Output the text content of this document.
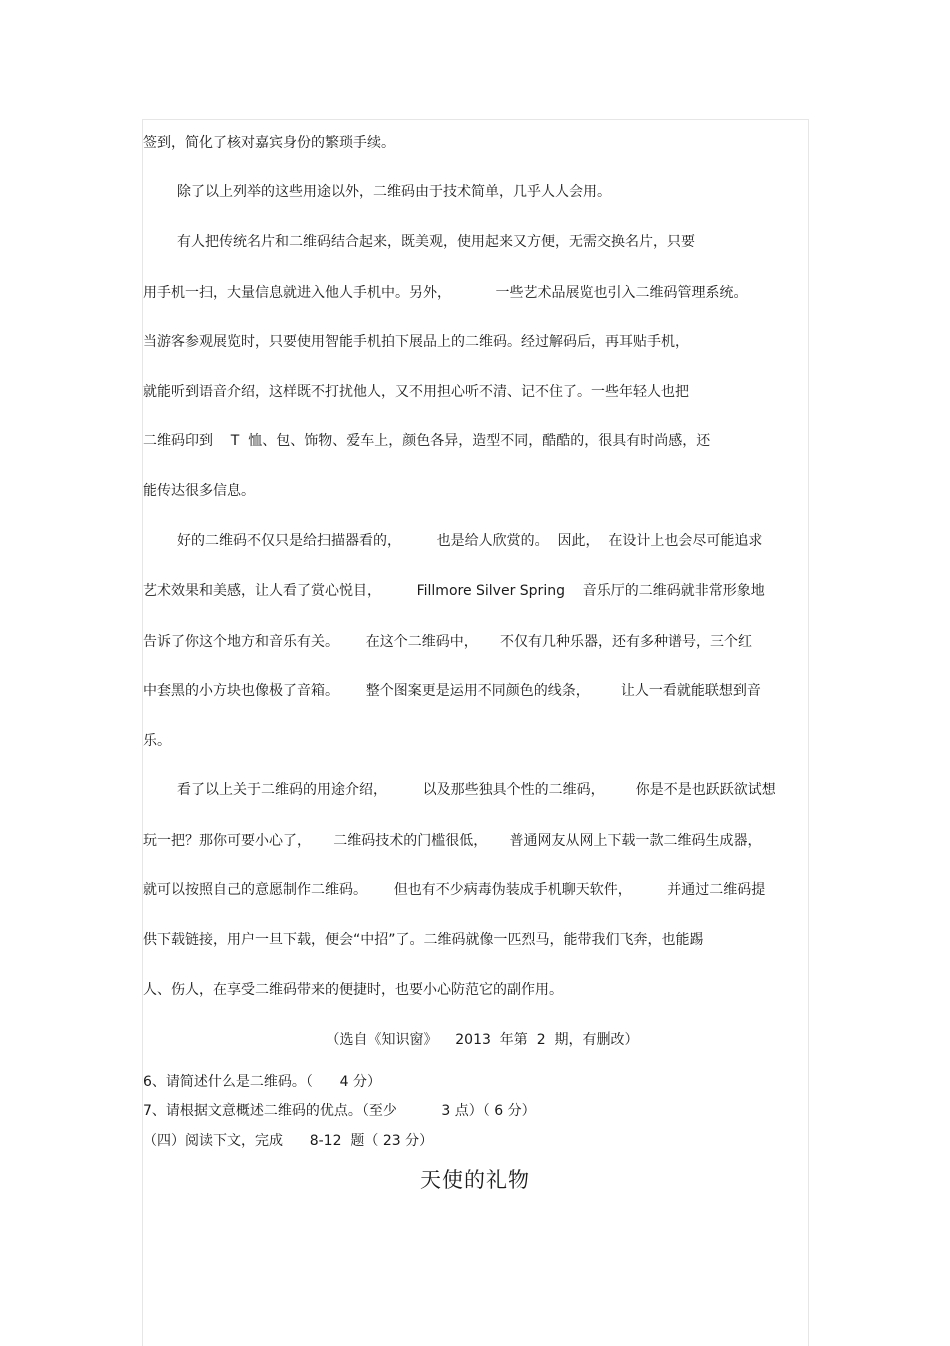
签到，简化了核对嘉宾身份的繁琐手续。
除了以上列举的这些用途以外，二维码由于技术简单，几乎人人会用。
有人把传统名片和二维码结合起来，既美观，使用起来又方便，无需交换名片，只要
用手机一扫，大量信息就进入他人手机中。另外，          一些艺术品展览也引入二维码管理系统。
当游客参观展览时，只要使用智能手机拍下展品上的二维码。经过解码后，再耳贴手机，
就能听到语音介绍，这样既不打扰他人，又不用担心听不清、记不住了。一些年轻人也把
二维码印到    T  恤、包、饰物、爱车上，颜色各异，造型不同，酷酷的，很具有时尚感，还
能传达很多信息。
好的二维码不仅只是给扫描器看的，        也是给人欣赏的。  因此，  在设计上也会尽可能追求
艺术效果和美感，让人看了赏心悦目，        Fillmore Silver Spring    音乐厅的二维码就非常形象地
告诉了你这个地方和音乐有关。      在这个二维码中，     不仅有几种乐器，还有多种谱号，三个红
中套黑的小方块也像极了音箱。      整个图案更是运用不同颜色的线条，       让人一看就能联想到音
乐。
看了以上关于二维码的用途介绍，        以及那些独具个性的二维码，       你是不是也跃跃欲试想
玩一把？那你可要小心了，     二维码技术的门槛很低，     普通网友从网上下载一款二维码生成器，
就可以按照自己的意愿制作二维码。      但也有不少病毒伪装成手机聊天软件，        并通过二维码提
供下载链接，用户一旦下载，便会“中招”了。二维码就像一匹烈马，能带我们飞奔，也能踢
人、伤人，在享受二维码带来的便捷时，也要小心防范它的副作用。
（选自《知识窗》    2013  年第  2  期，有删改）
6、请简述什么是二维码。（      4 分）
7、请根据文意概述二维码的优点。（至少          3 点）（ 6 分）
（四）阅读下文，完成      8-12  题（ 23 分）
天使的礼物
